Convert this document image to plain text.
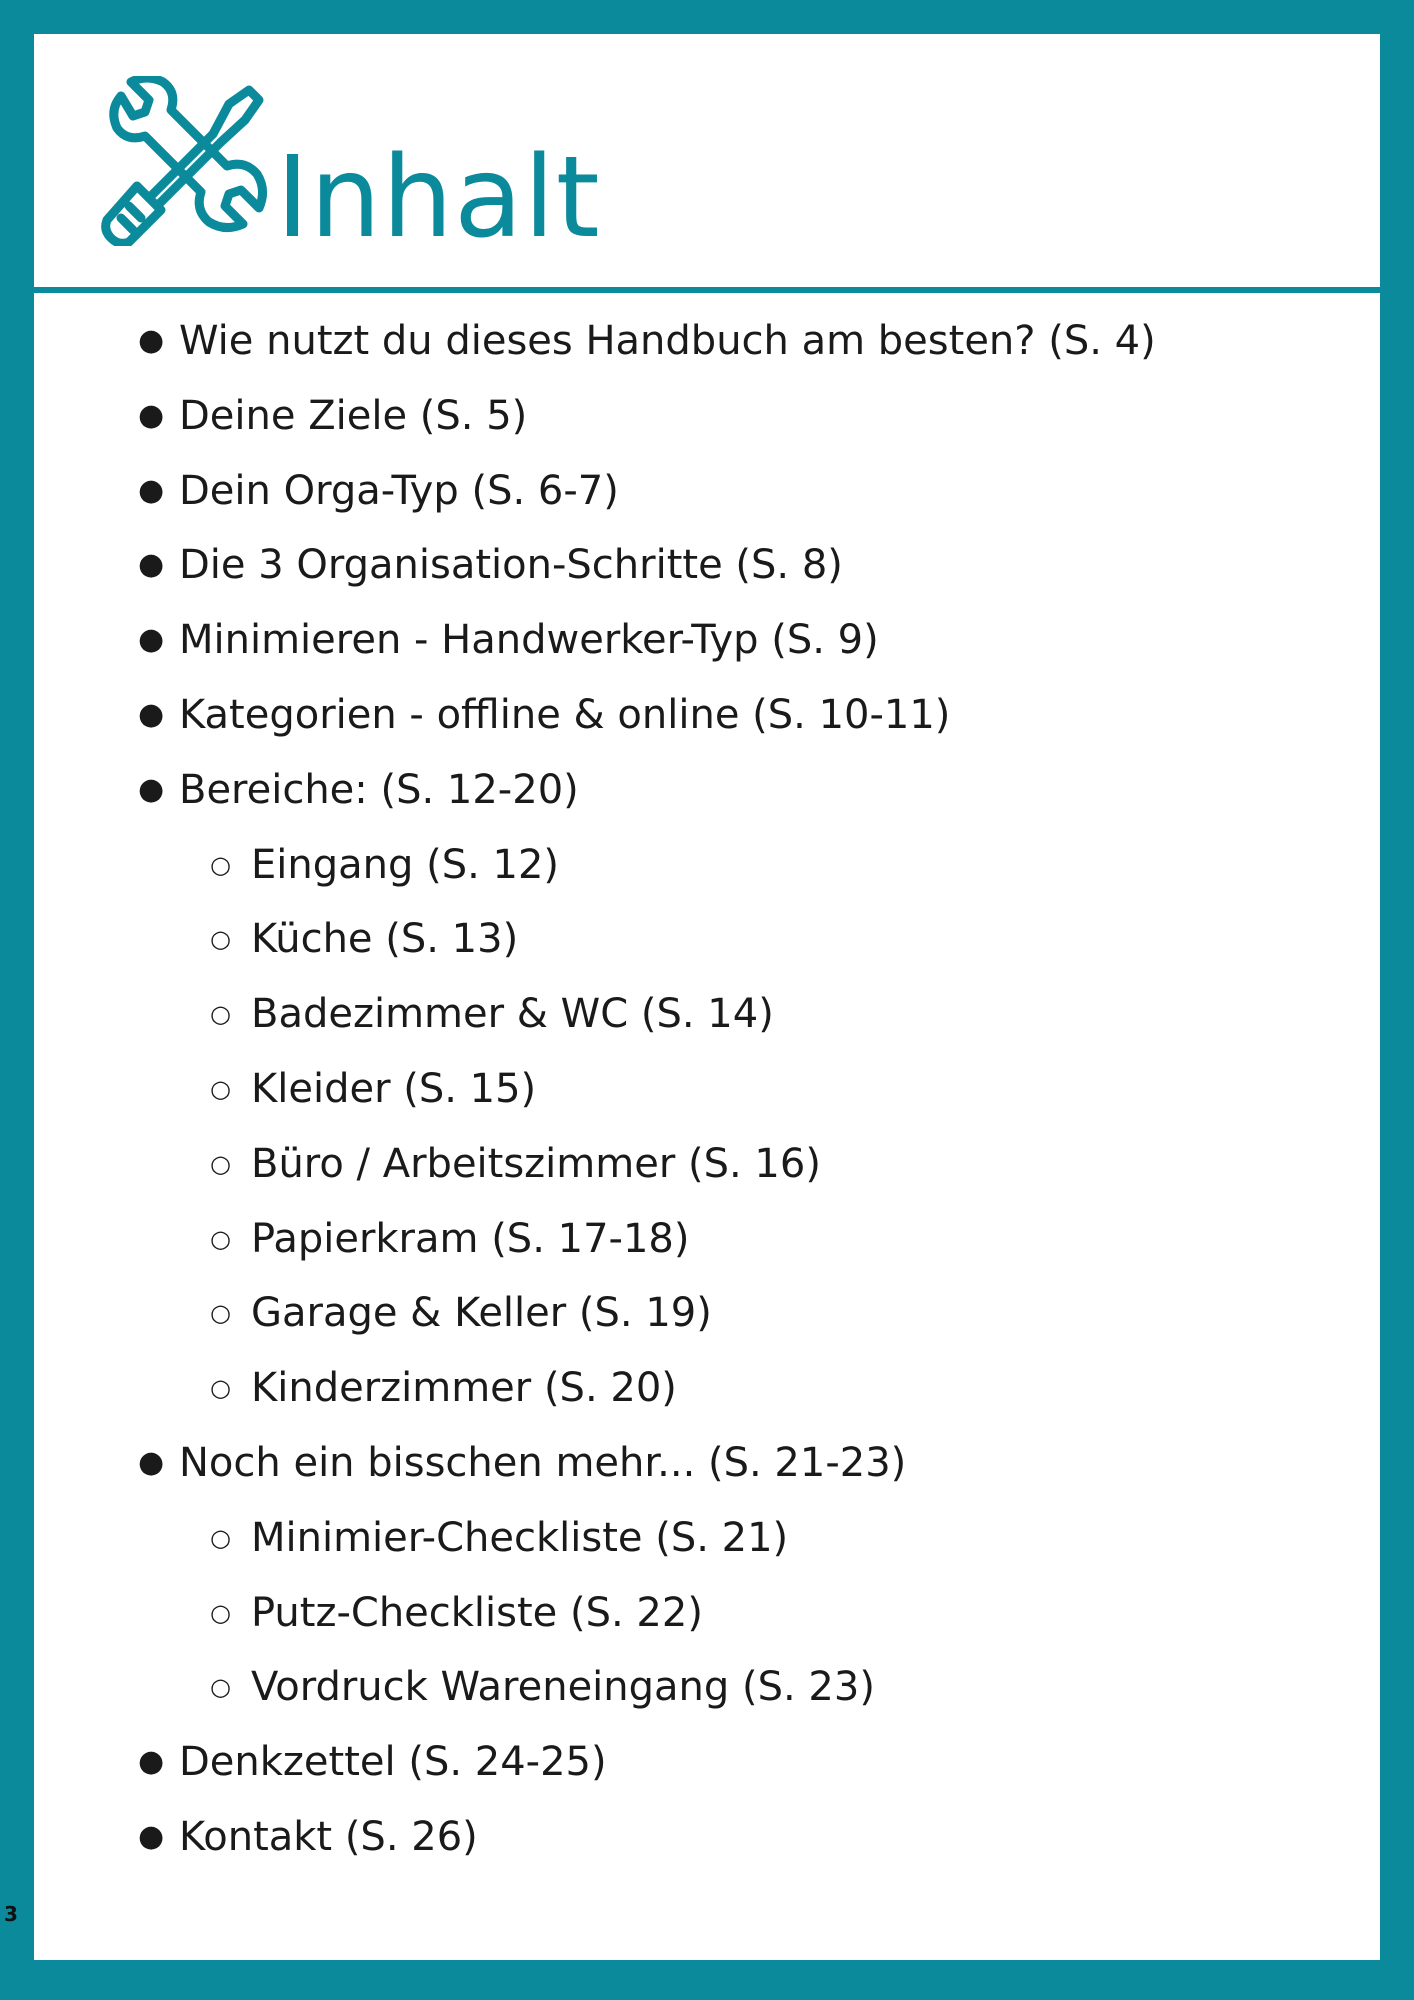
Inhalt
● Wie nutzt du dieses Handbuch am besten? (S. 4)
● Deine Ziele (S. 5)
● Dein Orga-Typ (S. 6-7)
● Die 3 Organisation-Schritte (S. 8)
● Minimieren - Handwerker-Typ (S. 9)
● Kategorien - offline & online (S. 10-11)
● Bereiche: (S. 12-20)
○ Eingang (S. 12)
○ Küche (S. 13)
○ Badezimmer & WC (S. 14)
○ Kleider (S. 15)
○ Büro / Arbeitszimmer (S. 16)
○ Papierkram (S. 17-18)
○ Garage & Keller (S. 19)
○ Kinderzimmer (S. 20)
● Noch ein bisschen mehr... (S. 21-23)
○ Minimier-Checkliste (S. 21)
○ Putz-Checkliste (S. 22)
○ Vordruck Wareneingang (S. 23)
● Denkzettel (S. 24-25)
● Kontakt (S. 26)
3
